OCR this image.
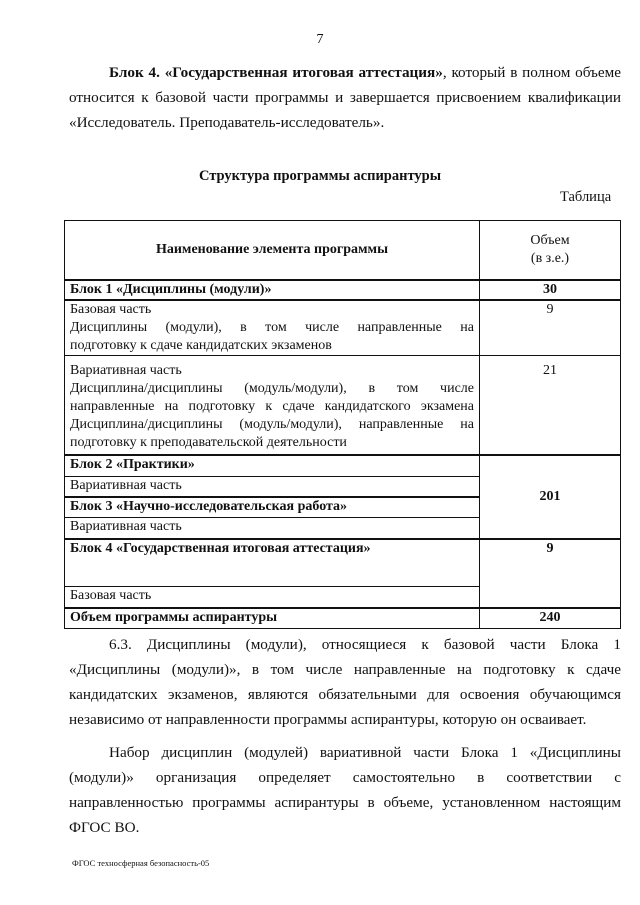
7
Блок 4. «Государственная итоговая аттестация», который в полном объеме
относится к базовой части программы и завершается присвоением квалификации
«Исследователь. Преподаватель-исследователь».
Структура программы аспирантуры
Таблица
Наименование элемента программы	Объем
(в з.е.)

Блок 1 «Дисциплины (модули)»	30

Базовая часть
Дисциплины (модули), в том числе направленные на
подготовку к сдаче кандидатских экзаменов	9

Вариативная часть
Дисциплина/дисциплины (модуль/модули), в том числе
направленные на подготовку к сдаче кандидатского экзамена
Дисциплина/дисциплины (модуль/модули), направленные на
подготовку к преподавательской деятельности	21
Блок 2 «Практики»	201
Вариативная часть	
Блок 3 «Научно-исследовательская работа»	
Вариативная часть	
Блок 4 «Государственная итоговая аттестация»	9
Базовая часть	
Объем программы аспирантуры	240
6.3. Дисциплины (модули), относящиеся к базовой части Блока 1
«Дисциплины (модули)», в том числе направленные на подготовку к сдаче
кандидатских экзаменов, являются обязательными для освоения обучающимся
независимо от направленности программы аспирантуры, которую он осваивает.
Набор дисциплин (модулей) вариативной части Блока 1 «Дисциплины
(модули)» организация определяет самостоятельно в соответствии с
направленностью программы аспирантуры в объеме, установленном настоящим
ФГОС ВО.
ФГОС техносферная безопасность-05
